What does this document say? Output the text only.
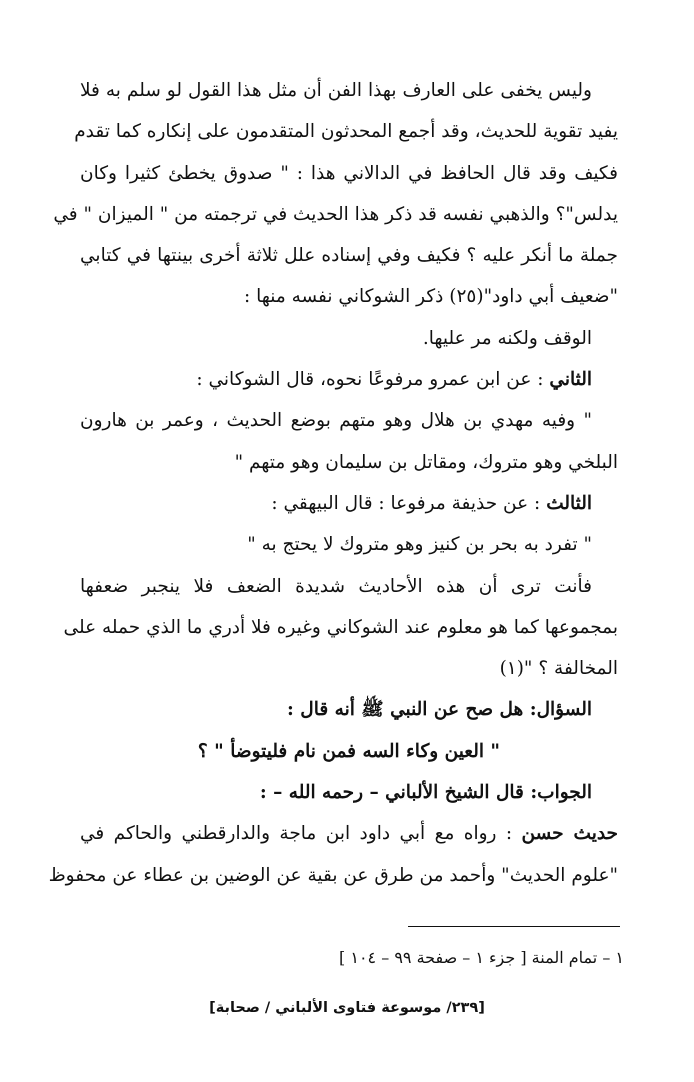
وليس يخفى على العارف بهذا الفن أن مثل هذا القول لو سلم به فلا
يفيد تقوية للحديث، وقد أجمع المحدثون المتقدمون على إنكاره كما تقدم
فكيف وقد قال الحافظ في الدالاني هذا : " صدوق يخطئ كثيرا وكان
يدلس"؟ والذهبي نفسه قد ذكر هذا الحديث في ترجمته من " الميزان " في
جملة ما أنكر عليه ؟ فكيف وفي إسناده علل ثلاثة أخرى بينتها في كتابي
"ضعيف أبي داود"(٢٥) ذكر الشوكاني نفسه منها :
الوقف ولكنه مر عليها.
الثاني : عن ابن عمرو مرفوعًا نحوه، قال الشوكاني :
" وفيه مهدي بن هلال وهو متهم بوضع الحديث ، وعمر بن هارون
البلخي وهو متروك، ومقاتل بن سليمان وهو متهم "
الثالث : عن حذيفة مرفوعا : قال البيهقي :
" تفرد به بحر بن كنيز وهو متروك لا يحتج به "
فأنت ترى أن هذه الأحاديث شديدة الضعف فلا ينجبر ضعفها
بمجموعها كما هو معلوم عند الشوكاني وغيره فلا أدري ما الذي حمله على
المخالفة ؟ "(١)
السؤال: هل صح عن النبي ﷺ أنه قال :
" العين وكاء السه فمن نام فليتوضأ " ؟
الجواب: قال الشيخ الألباني – رحمه الله – :
حديث حسن : رواه مع أبي داود ابن ماجة والدارقطني والحاكم في
"علوم الحديث" وأحمد من طرق عن بقية عن الوضين بن عطاء عن محفوظ
١ – تمام المنة [ جزء ١ – صفحة ٩٩ – ١٠٤ ]
[٢٣٩/ موسوعة فتاوى الألباني / صحابة]
